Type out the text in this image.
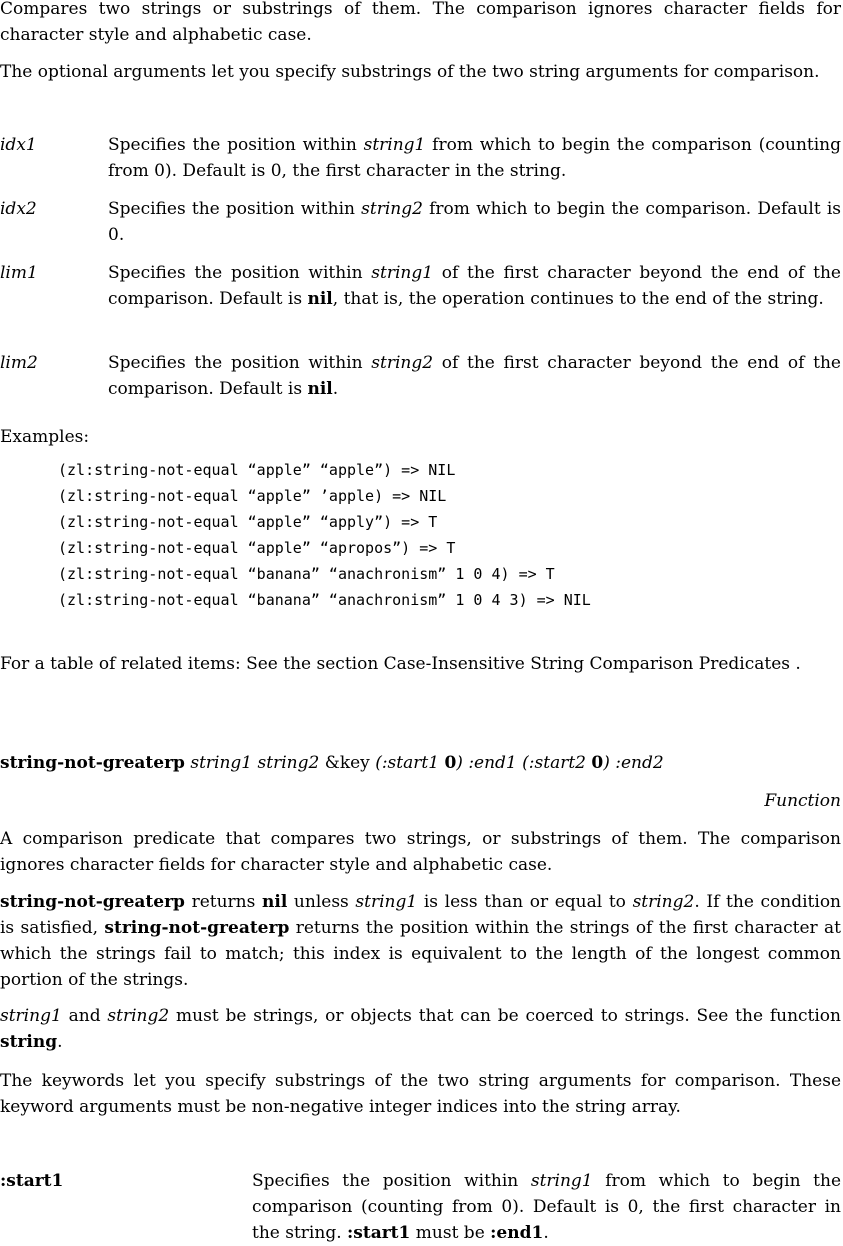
Compares two strings or substrings of them. The comparison ignores character fields for character style and alphabetic case.

The optional arguments let you specify substrings of the two string arguments for comparison.

idx1	Specifies the position within string1 from which to begin the comparison (counting from 0). Default is 0, the first character in the string.

idx2	Specifies the position within string2 from which to begin the comparison. Default is 0.

lim1	Specifies the position within string1 of the first character beyond the end of the comparison. Default is nil, that is, the operation continues to the end of the string.

lim2	Specifies the position within string2 of the first character beyond the end of the comparison. Default is nil.

Examples:

(zl:string-not-equal “apple” “apple”) => NIL
(zl:string-not-equal “apple” ’apple) => NIL
(zl:string-not-equal “apple” “apply”) => T
(zl:string-not-equal “apple” “apropos”) => T
(zl:string-not-equal “banana” “anachronism” 1 0 4) => T
(zl:string-not-equal “banana” “anachronism” 1 0 4 3) => NIL

For a table of related items: See the section Case-Insensitive String Comparison Predicates .

string-not-greaterp string1 string2 &key (:start1 0) :end1 (:start2 0) :end2

Function

A comparison predicate that compares two strings, or substrings of them. The comparison ignores character fields for character style and alphabetic case.

string-not-greaterp returns nil unless string1 is less than or equal to string2. If the condition is satisfied, string-not-greaterp returns the position within the strings of the first character at which the strings fail to match; this index is equivalent to the length of the longest common portion of the strings.

string1 and string2 must be strings, or objects that can be coerced to strings. See the function string.

The keywords let you specify substrings of the two string arguments for comparison. These keyword arguments must be non-negative integer indices into the string array.

:start1	Specifies the position within string1 from which to begin the comparison (counting from 0). Default is 0, the first character in the string. :start1 must be :end1.
